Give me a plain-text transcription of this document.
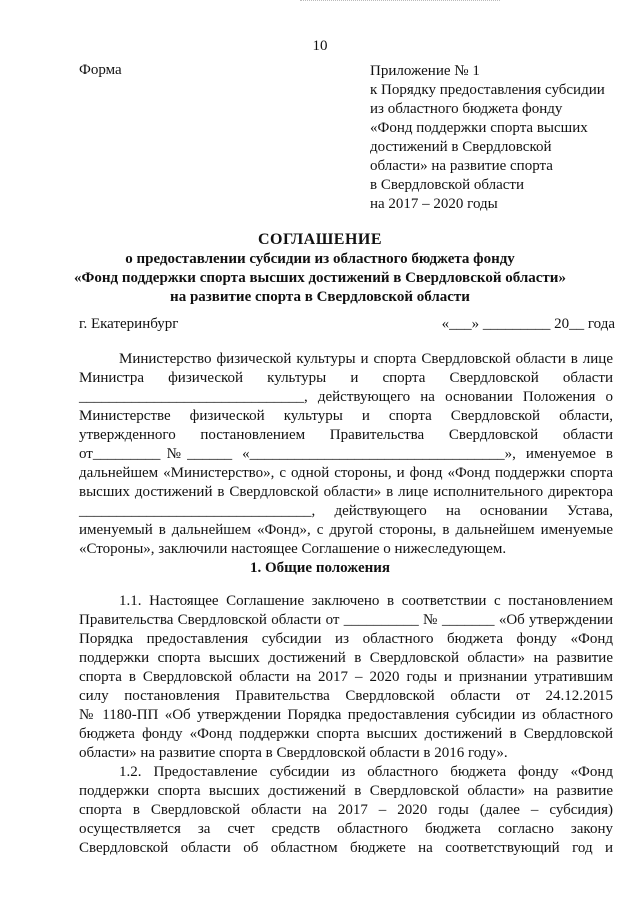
10
Форма	Приложение № 1
к Порядку предоставления субсидии
из областного бюджета фонду
«Фонд поддержки спорта высших
достижений в Свердловской
области» на развитие спорта
в Свердловской области
на 2017 – 2020 годы
СОГЛАШЕНИЕ
о предоставлении субсидии из областного бюджета фонду
«Фонд поддержки спорта высших достижений в Свердловской области»
на развитие спорта в Свердловской области
г. Екатеринбург	«___» _________ 20__ года
Министерство физической культуры и спорта Свердловской области в лице
Министра физической культуры и спорта Свердловской области
______________________________, действующего на основании Положения о
Министерстве физической культуры и спорта Свердловской области,
утвержденного постановлением Правительства Свердловской области
от_________№______ «__________________________________», именуемое в
дальнейшем «Министерство», с одной стороны, и фонд «Фонд поддержки спорта
высших достижений в Свердловской области» в лице исполнительного директора
_______________________________, действующего на основании Устава,
именуемый в дальнейшем «Фонд», с другой стороны, в дальнейшем именуемые
«Стороны», заключили настоящее Соглашение о нижеследующем.
1. Общие положения
1.1. Настоящее Соглашение заключено в соответствии с постановлением
Правительства Свердловской области от __________ № _______ «Об утверждении
Порядка предоставления субсидии из областного бюджета фонду «Фонд
поддержки спорта высших достижений в Свердловской области» на развитие
спорта в Свердловской области на 2017 – 2020 годы и признании утратившим
силу постановления Правительства Свердловской области от 24.12.2015
№ 1180-ПП «Об утверждении Порядка предоставления субсидии из областного
бюджета фонду «Фонд поддержки спорта высших достижений в Свердловской
области» на развитие спорта в Свердловской области в 2016 году».
1.2. Предоставление субсидии из областного бюджета фонду «Фонд
поддержки спорта высших достижений в Свердловской области» на развитие
спорта в Свердловской области на 2017 – 2020 годы (далее – субсидия)
осуществляется за счет средств областного бюджета согласно закону
Свердловской области об областном бюджете на соответствующий год и
